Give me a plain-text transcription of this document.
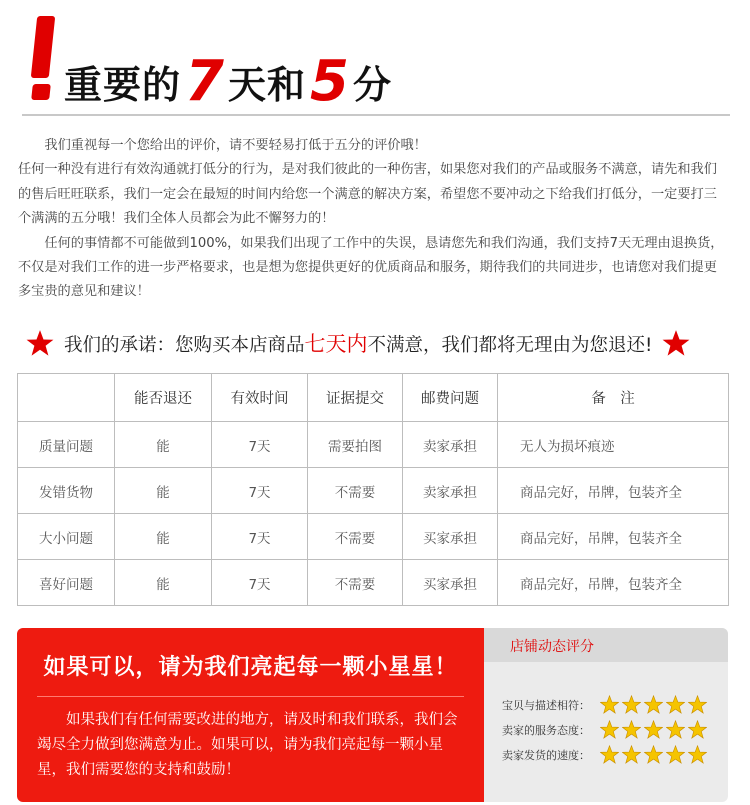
重要的 7 天和 5 分

我们重视每一个您给出的评价，请不要轻易打低于五分的评价哦！

任何一种没有进行有效沟通就打低分的行为，是对我们彼此的一种伤害，如果您对我们的产品或服务不满意，请先和我们的售后旺旺联系，我们一定会在最短的时间内给您一个满意的解决方案，希望您不要冲动之下给我们打低分，一定要打三个满满的五分哦！我们全体人员都会为此不懈努力的！

任何的事情都不可能做到100%，如果我们出现了工作中的失误，恳请您先和我们沟通，我们支持7天无理由退换货，不仅是对我们工作的进一步严格要求，也是想为您提供更好的优质商品和服务，期待我们的共同进步，也请您对我们提更多宝贵的意见和建议！

我们的承诺：您购买本店商品七天内不满意，我们都将无理由为您退还!
	能否退还	有效时间	证据提交	邮费问题	备　注
质量问题	能	7天	需要拍图	卖家承担	无人为损坏痕迹
发错货物	能	7天	不需要	卖家承担	商品完好，吊牌，包装齐全
大小问题	能	7天	不需要	买家承担	商品完好，吊牌，包装齐全
喜好问题	能	7天	不需要	买家承担	商品完好，吊牌，包装齐全
如果可以，请为我们亮起每一颗小星星！
如果我们有任何需要改进的地方，请及时和我们联系，我们会竭尽全力做到您满意为止。如果可以，请为我们亮起每一颗小星星，我们需要您的支持和鼓励！
店铺动态评分
宝贝与描述相符：
卖家的服务态度：
卖家发货的速度：
